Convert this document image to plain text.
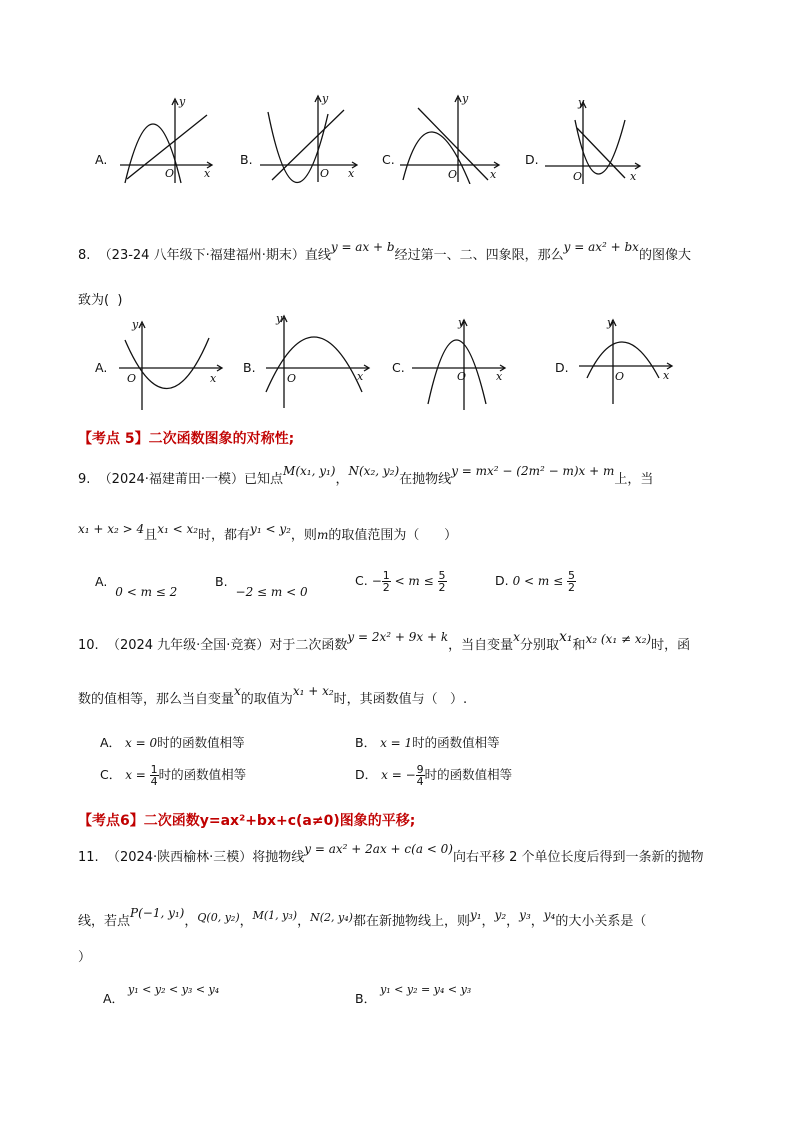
A.
y
x
O
B.
y
x
O
C.
y
x
O
D.
y
x
O
8.  （23-24 八年级下·福建福州·期末）直线y = ax + b经过第一、二、四象限，那么y = ax² + bx的图像大
致为(  )
A.
y
x
O
B.
y
x
O
C.
y
x
O
D.
y
x
O
【考点 5】二次函数图象的对称性;
9.  （2024·福建莆田·一模）已知点M(x₁, y₁)，N(x₂, y₂)在抛物线y = mx² − (2m² − m)x + m上，当
x₁ + x₂ > 4且x₁ < x₂时，都有y₁ < y₂，则m的取值范围为（      ）
A. 0 < m ≤ 2
B. −2 ≤ m < 0
C. − $\frac{1}{2} < m \le \frac{5}{2}$	D. $0 < m \le \frac{5}{2}$
10.  （2024 九年级·全国·竞赛）对于二次函数y = 2x² + 9x + k，当自变量x分别取x₁和x₂ (x₁ ≠ x₂)时，函
数的值相等，那么当自变量x的取值为x₁ + x₂时，其函数值与（   ）.
A． x = 0时的函数值相等	B． x = 1时的函数值相等
C． $x = \frac{1}{4}$ 时的函数值相等	D． x = − $\frac{9}{4}$ 时的函数值相等
【考点6】二次函数y=ax²+bx+c(a≠0)图象的平移;
11.  （2024·陕西榆林·三模）将抛物线y = ax² + 2ax + c(a < 0)向右平移 2 个单位长度后得到一条新的抛物
线，若点P(−1, y₁)，$^{Q(0, y_2)}$，$^{M(1, y_3)}$，$^{N(2, y_4)}$都在新抛物线上，则y₁，y₂，y₃，y₄的大小关系是（
）
A． y₁ < y₂ < y₃ < y₄
B． y₁ < y₂ = y₄ < y₃
